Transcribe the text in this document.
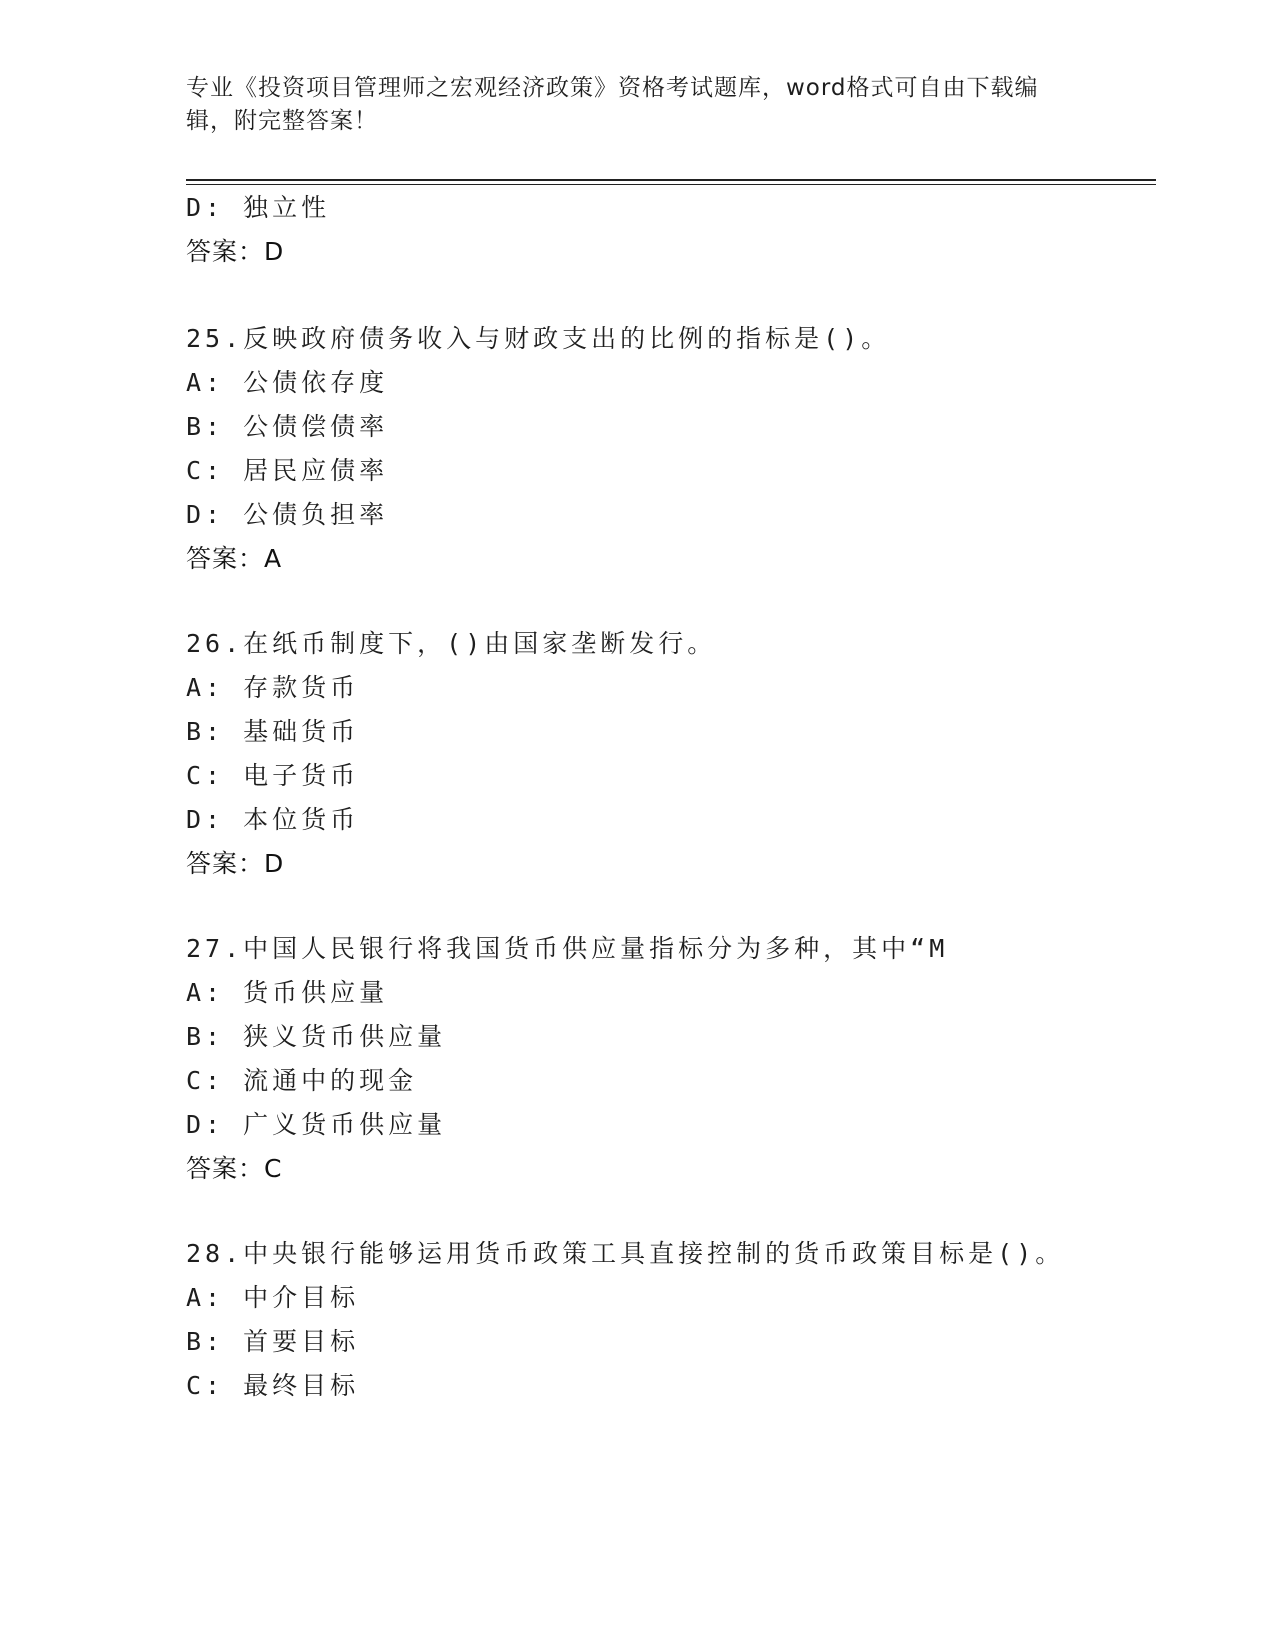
专业《投资项目管理师之宏观经济政策》资格考试题库，word格式可自由下载编
辑，附完整答案！
D: 独立性
答案：D
25.反映政府债务收入与财政支出的比例的指标是()。
A: 公债依存度
B: 公债偿债率
C: 居民应债率
D: 公债负担率
答案：A
26.在纸币制度下，()由国家垄断发行。
A: 存款货币
B: 基础货币
C: 电子货币
D: 本位货币
答案：D
27.中国人民银行将我国货币供应量指标分为多种，其中“M
A: 货币供应量
B: 狭义货币供应量
C: 流通中的现金
D: 广义货币供应量
答案：C
28.中央银行能够运用货币政策工具直接控制的货币政策目标是()。
A: 中介目标
B: 首要目标
C: 最终目标
